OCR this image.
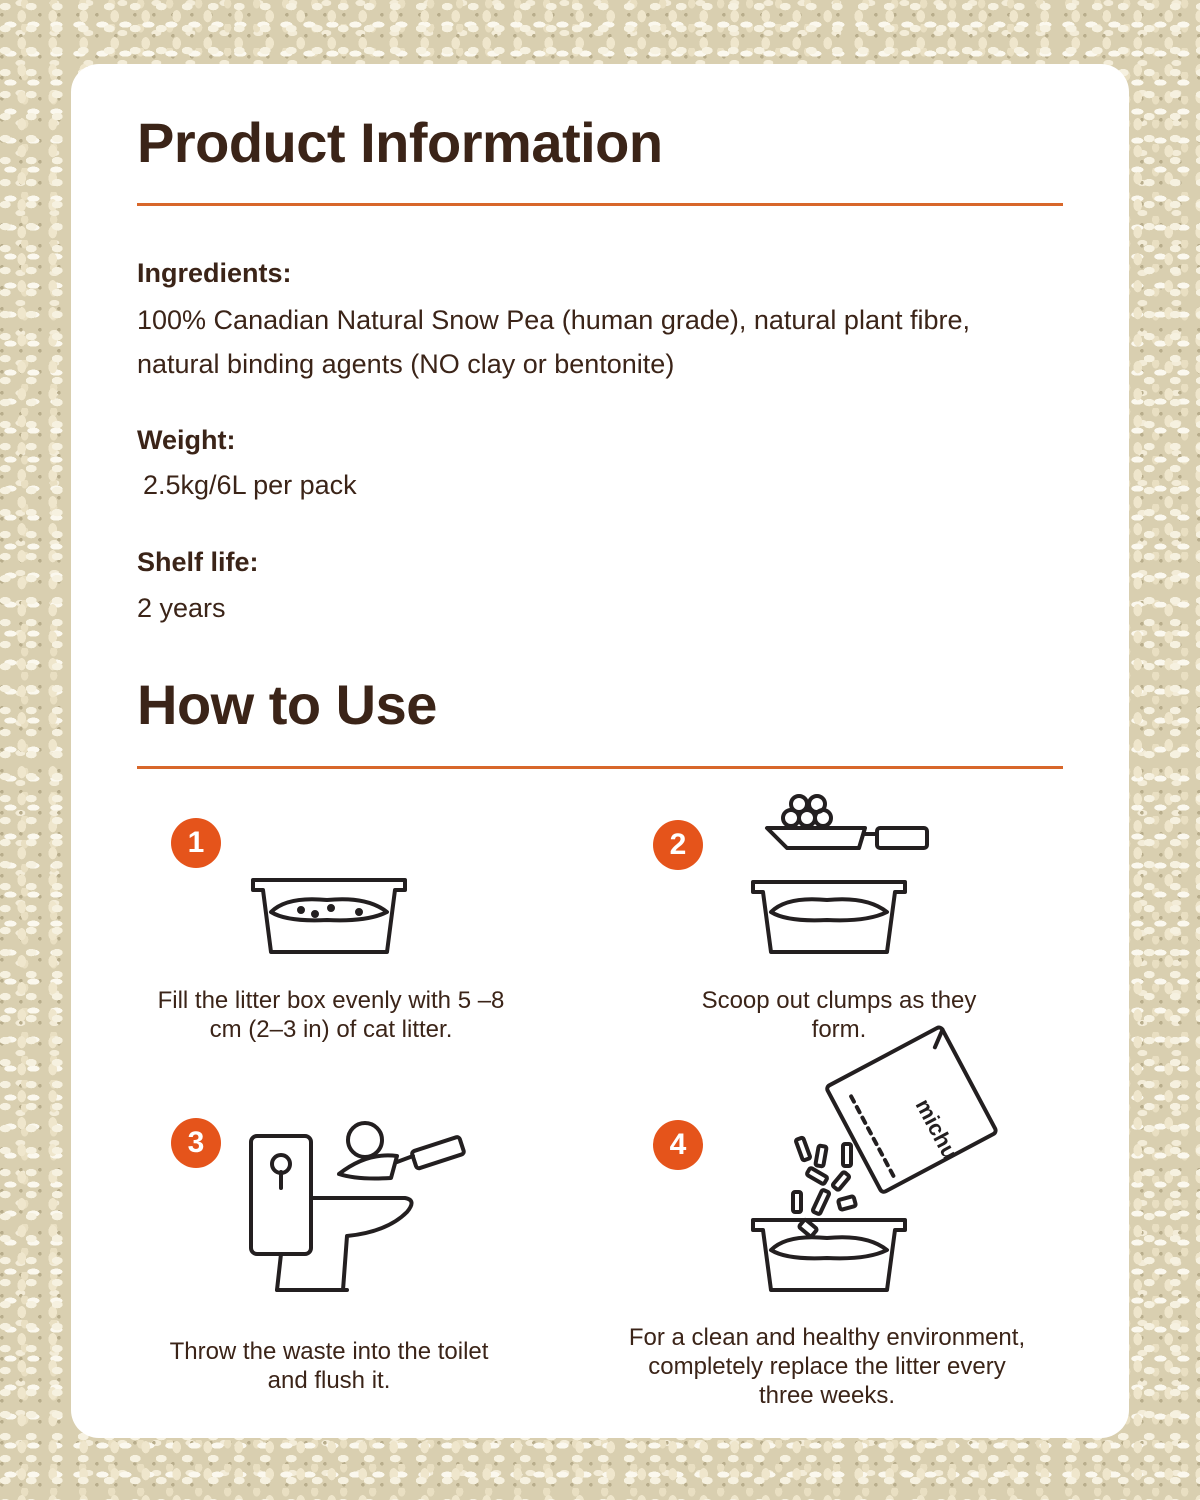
Product Information
Ingredients:
100% Canadian Natural Snow Pea (human grade), natural plant fibre, natural binding agents (NO clay or bentonite)
Weight:
2.5kg/6L per pack
Shelf life:
2 years
How to Use
1
Fill the litter box evenly with 5 –8 cm (2–3 in) of cat litter.
2
Scoop out clumps as they form.
3
Throw the waste into the toilet and flush it.
4	michu
For a clean and healthy environment, completely replace the litter every three weeks.
